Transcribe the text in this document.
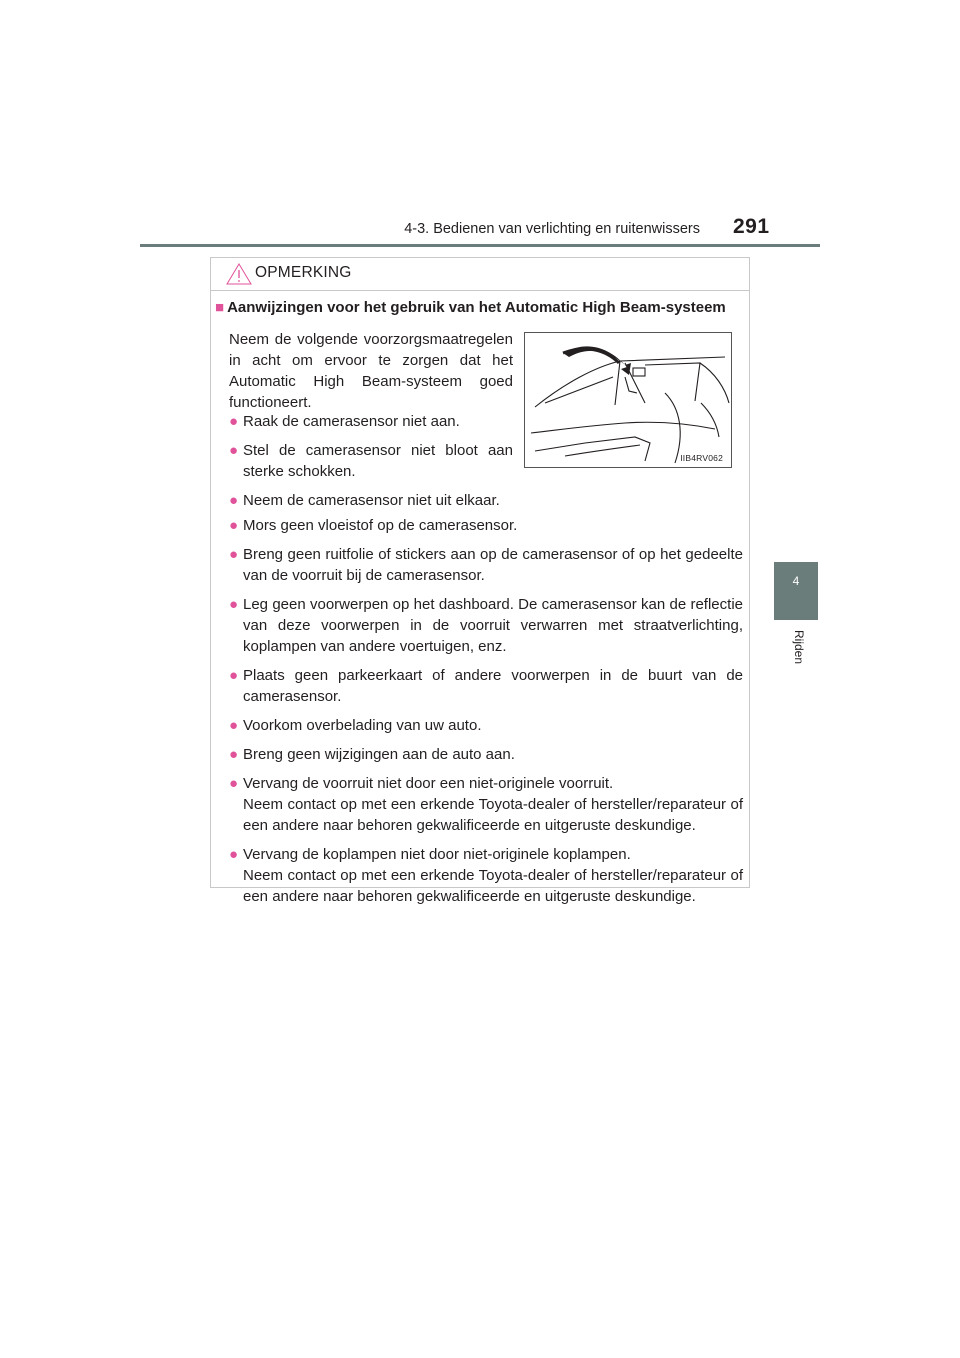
4-3. Bedienen van verlichting en ruitenwissers 291
4
Rijden
OPMERKING
■ Aanwijzingen voor het gebruik van het Automatic High Beam-systeem
Neem de volgende voorzorgsmaatregelen in acht om ervoor te zorgen dat het Automatic High Beam-systeem goed functioneert.
● Raak de camerasensor niet aan.
● Stel de camerasensor niet bloot aan sterke schokken.
● Neem de camerasensor niet uit elkaar.
IIB4RV062
● Mors geen vloeistof op de camerasensor.
● Breng geen ruitfolie of stickers aan op de camerasensor of op het gedeelte van de voorruit bij de camerasensor.
● Leg geen voorwerpen op het dashboard. De camerasensor kan de reflectie van deze voorwerpen in de voorruit verwarren met straatverlichting, koplampen van andere voertuigen, enz.
● Plaats geen parkeerkaart of andere voorwerpen in de buurt van de camerasensor.
● Voorkom overbelading van uw auto.
● Breng geen wijzigingen aan de auto aan.
● Vervang de voorruit niet door een niet-originele voorruit.
Neem contact op met een erkende Toyota-dealer of hersteller/reparateur of een andere naar behoren gekwalificeerde en uitgeruste deskundige.
● Vervang de koplampen niet door niet-originele koplampen.
Neem contact op met een erkende Toyota-dealer of hersteller/reparateur of een andere naar behoren gekwalificeerde en uitgeruste deskundige.
